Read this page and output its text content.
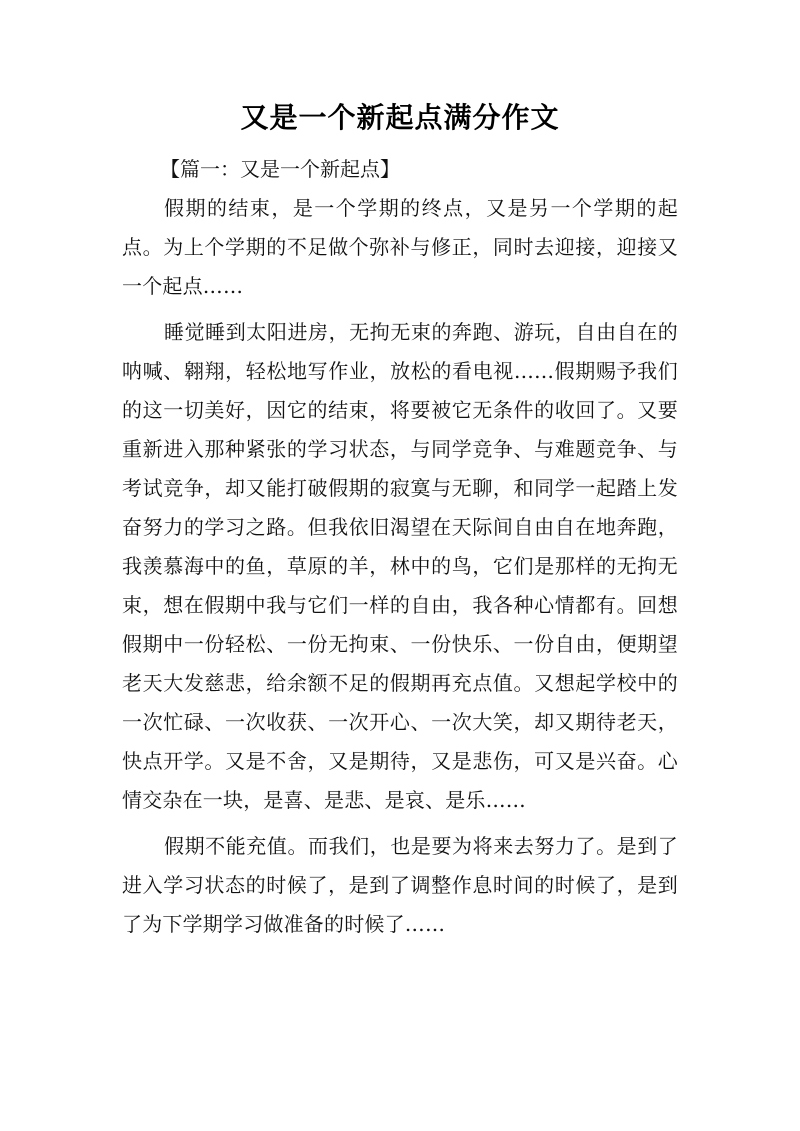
又是一个新起点满分作文
【篇一：又是一个新起点】

假期的结束，是一个学期的终点，又是另一个学期的起点。为上个学期的不足做个弥补与修正，同时去迎接，迎接又一个起点……

睡觉睡到太阳进房，无拘无束的奔跑、游玩，自由自在的呐喊、翱翔，轻松地写作业，放松的看电视……假期赐予我们的这一切美好，因它的结束，将要被它无条件的收回了。又要重新进入那种紧张的学习状态，与同学竞争、与难题竞争、与考试竞争，却又能打破假期的寂寞与无聊，和同学一起踏上发奋努力的学习之路。但我依旧渴望在天际间自由自在地奔跑，我羡慕海中的鱼，草原的羊，林中的鸟，它们是那样的无拘无束，想在假期中我与它们一样的自由，我各种心情都有。回想假期中一份轻松、一份无拘束、一份快乐、一份自由，便期望老天大发慈悲，给余额不足的假期再充点值。又想起学校中的一次忙碌、一次收获、一次开心、一次大笑，却又期待老天，快点开学。又是不舍，又是期待，又是悲伤，可又是兴奋。心情交杂在一块，是喜、是悲、是哀、是乐……

假期不能充值。而我们，也是要为将来去努力了。是到了进入学习状态的时候了，是到了调整作息时间的时候了，是到了为下学期学习做准备的时候了……
